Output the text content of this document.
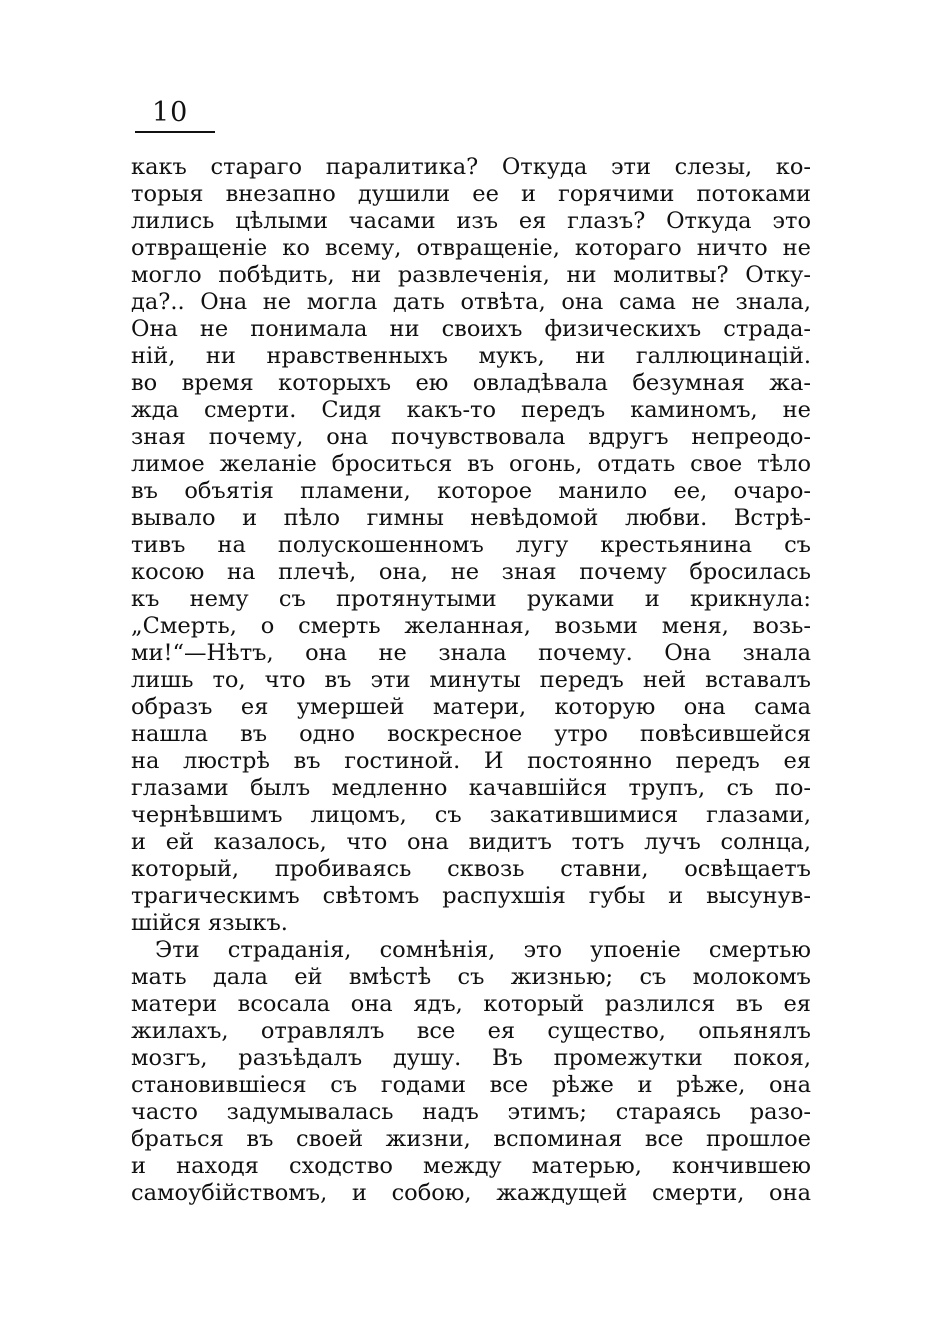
10
какъ стараго паралитика? Откуда эти слезы, ко-
торыя внезапно душили ее и горячими потоками
лились цѣлыми часами изъ ея глазъ? Откуда это
отвращеніе ко всему, отвращеніе, котораго ничто не
могло побѣдить, ни развлеченія, ни молитвы? Отку-
да?.. Она не могла дать отвѣта, она сама не знала,
Она не понимала ни своихъ физическихъ страда-
ній, ни нравственныхъ мукъ, ни галлюцинацій.
во время которыхъ ею овладѣвала безумная жа-
жда смерти. Сидя какъ-то передъ каминомъ, не
зная почему, она почувствовала вдругъ непреодо-
лимое желаніе броситься въ огонь, отдать свое тѣло
въ объятія пламени, которое манило ее, очаро-
вывало и пѣло гимны невѣдомой любви. Встрѣ-
тивъ на полускошенномъ лугу крестьянина съ
косою на плечѣ, она, не зная почему бросилась
къ нему съ протянутыми руками и крикнула:
„Смерть, о смерть желанная, возьми меня, возь-
ми!“—Нѣтъ, она не знала почему. Она знала
лишь то, что въ эти минуты передъ ней вставалъ
образъ ея умершей матери, которую она сама
нашла въ одно воскресное утро повѣсившейся
на люстрѣ въ гостиной. И постоянно передъ ея
глазами былъ медленно качавшійся трупъ, съ по-
чернѣвшимъ лицомъ, съ закатившимися глазами,
и ей казалось, что она видитъ тотъ лучъ солнца,
который, пробиваясь сквозь ставни, освѣщаетъ
трагическимъ свѣтомъ распухшія губы и высунув-
шійся языкъ.
Эти страданія, сомнѣнія, это упоеніе смертью
мать дала ей вмѣстѣ съ жизнью; съ молокомъ
матери всосала она ядъ, который разлился въ ея
жилахъ, отравлялъ все ея существо, опьянялъ
мозгъ, разъѣдалъ душу. Въ промежутки покоя,
становившіеся съ годами все рѣже и рѣже, она
часто задумывалась надъ этимъ; стараясь разо-
браться въ своей жизни, вспоминая все прошлое
и находя сходство между матерью, кончившею
самоубійствомъ, и собою, жаждущей смерти, она
